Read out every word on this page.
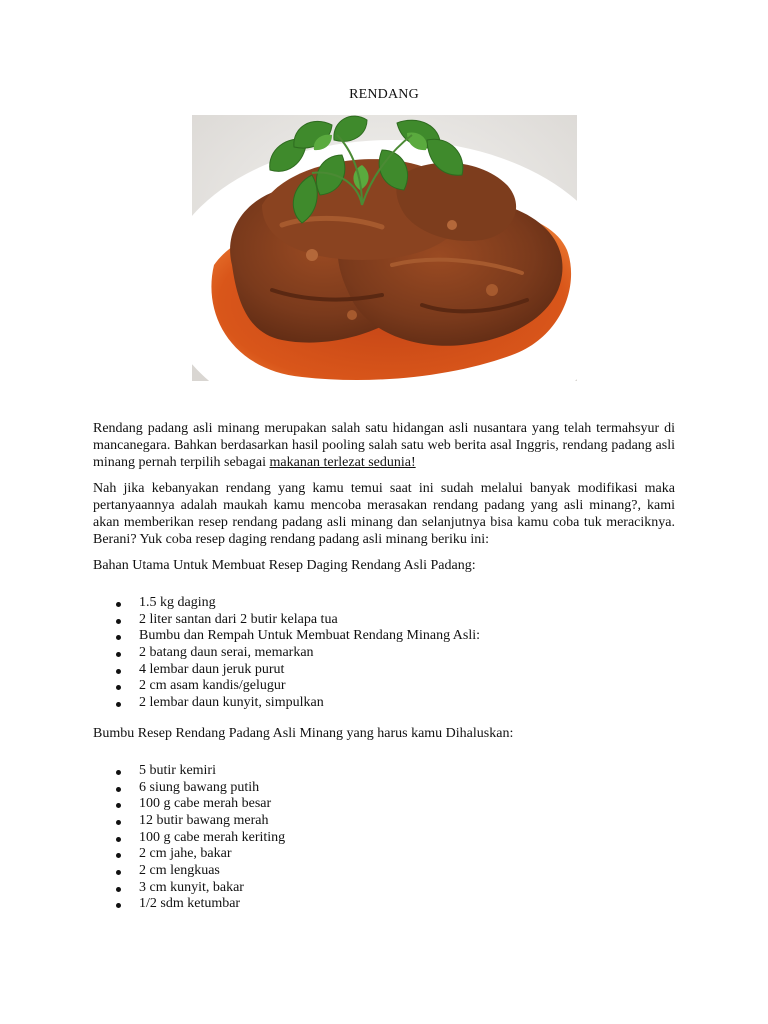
RENDANG

Rendang padang asli minang merupakan salah satu hidangan asli nusantara yang telah termahsyur di mancanegara. Bahkan berdasarkan hasil pooling salah satu web berita asal Inggris, rendang padang asli minang pernah terpilih sebagai makanan terlezat sedunia!

Nah jika kebanyakan rendang yang kamu temui saat ini sudah melalui banyak modifikasi maka pertanyaannya adalah maukah kamu mencoba merasakan rendang padang yang asli minang?, kami akan memberikan resep rendang padang asli minang dan selanjutnya bisa kamu coba tuk meraciknya. Berani? Yuk coba resep daging rendang padang asli minang beriku ini:

Bahan Utama Untuk Membuat Resep Daging Rendang Asli Padang:

1.5 kg daging
2 liter santan dari 2 butir kelapa tua
Bumbu dan Rempah Untuk Membuat Rendang Minang Asli:
2 batang daun serai, memarkan
4 lembar daun jeruk purut
2 cm asam kandis/gelugur
2 lembar daun kunyit, simpulkan

Bumbu Resep Rendang Padang Asli Minang yang harus kamu Dihaluskan:

5 butir kemiri
6 siung bawang putih
100 g cabe merah besar
12 butir bawang merah
100 g cabe merah keriting
2 cm jahe, bakar
2 cm lengkuas
3 cm kunyit, bakar
1/2 sdm ketumbar
